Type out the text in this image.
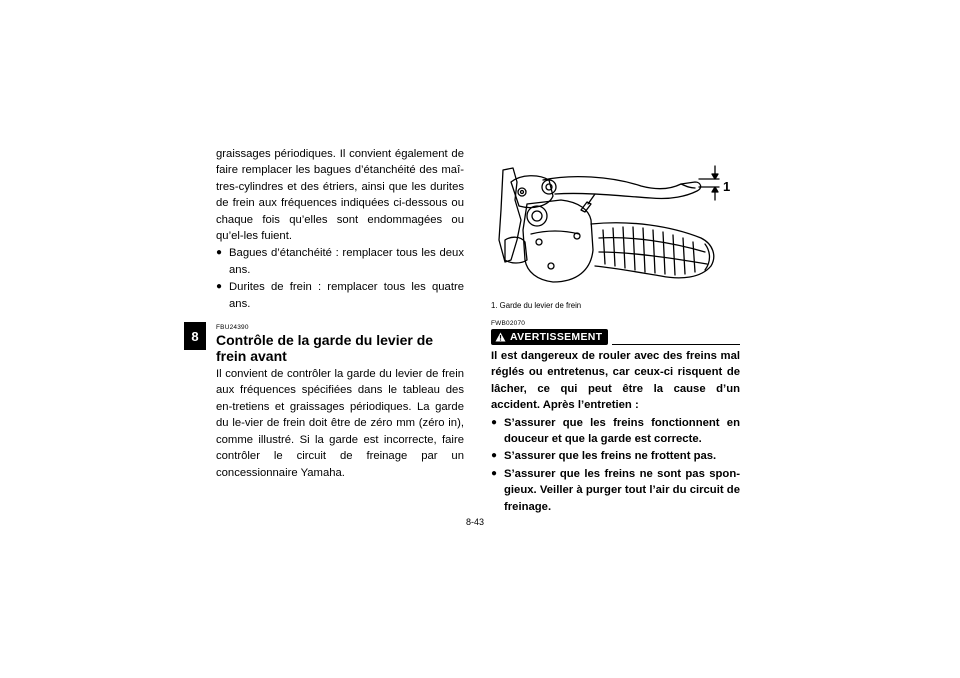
8

graissages périodiques. Il convient également de faire remplacer les bagues d’étanchéité des maî-tres-cylindres et des étriers, ainsi que les durites de frein aux fréquences indiquées ci-dessous ou chaque fois qu’elles sont endommagées ou qu’el-les fuient.

● Bagues d’étanchéité : remplacer tous les deux ans.
● Durites de frein : remplacer tous les quatre ans.
FBU24390
Contrôle de la garde du levier de frein avant

Il convient de contrôler la garde du levier de frein aux fréquences spécifiées dans le tableau des en-tretiens et graissages périodiques. La garde du le-vier de frein doit être de zéro mm (zéro in), comme illustré. Si la garde est incorrecte, faire contrôler le circuit de freinage par un concessionnaire Yamaha.

1
1. Garde du levier de frein
FWB02070
AVERTISSEMENT

Il est dangereux de rouler avec des freins mal réglés ou entretenus, car ceux-ci risquent de lâcher, ce qui peut être la cause d’un accident. Après l’entretien :

● S’assurer que les freins fonctionnent en douceur et que la garde est correcte.
● S’assurer que les freins ne frottent pas.
● S’assurer que les freins ne sont pas spon-gieux. Veiller à purger tout l’air du circuit de freinage.
8-43
